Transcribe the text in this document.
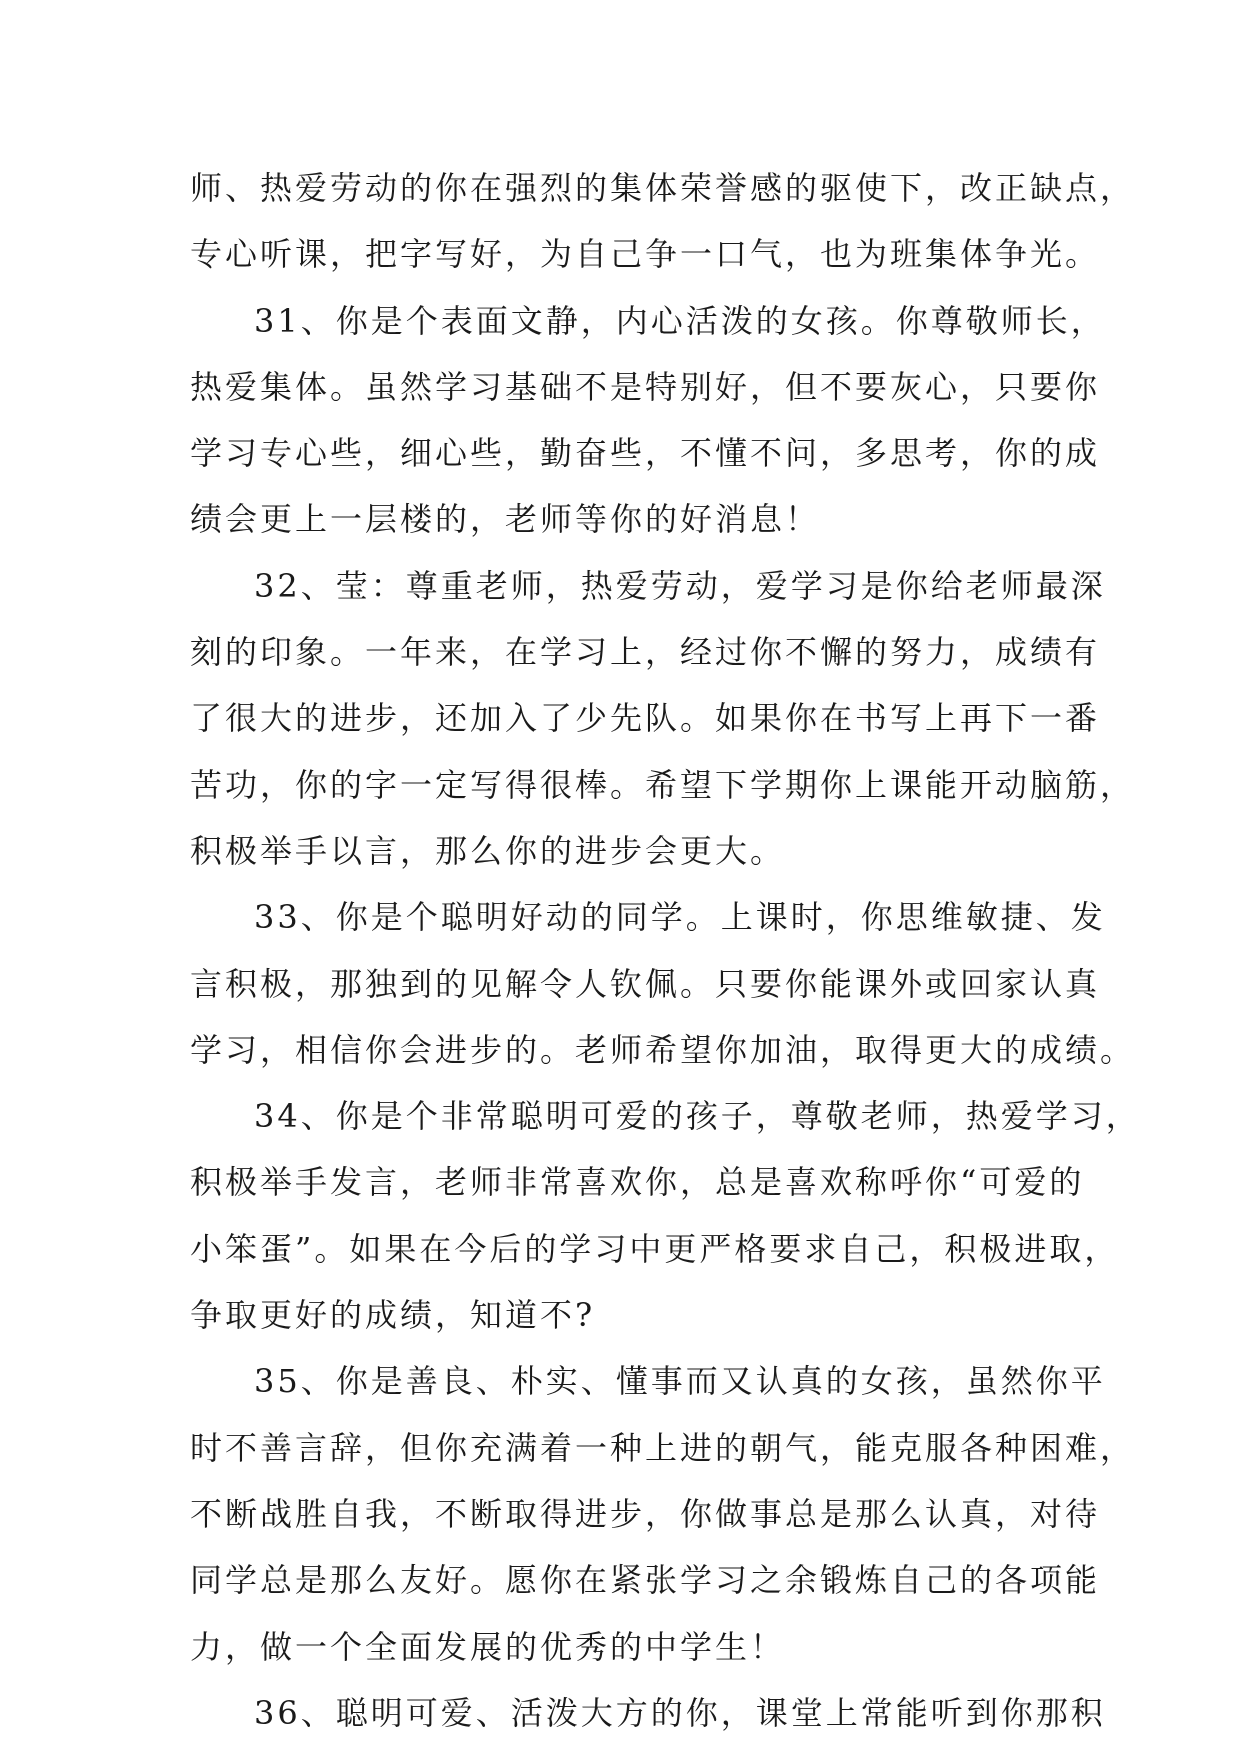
师、热爱劳动的你在强烈的集体荣誉感的驱使下，改正缺点，
专心听课，把字写好，为自己争一口气，也为班集体争光。
31、你是个表面文静，内心活泼的女孩。你尊敬师长，
热爱集体。虽然学习基础不是特别好，但不要灰心，只要你
学习专心些，细心些，勤奋些，不懂不问，多思考，你的成
绩会更上一层楼的，老师等你的好消息！
32、莹：尊重老师，热爱劳动，爱学习是你给老师最深
刻的印象。一年来，在学习上，经过你不懈的努力，成绩有
了很大的进步，还加入了少先队。如果你在书写上再下一番
苦功，你的字一定写得很棒。希望下学期你上课能开动脑筋，
积极举手以言，那么你的进步会更大。
33、你是个聪明好动的同学。上课时，你思维敏捷、发
言积极，那独到的见解令人钦佩。只要你能课外或回家认真
学习，相信你会进步的。老师希望你加油，取得更大的成绩。
34、你是个非常聪明可爱的孩子，尊敬老师，热爱学习，
积极举手发言，老师非常喜欢你，总是喜欢称呼你“可爱的
小笨蛋”。如果在今后的学习中更严格要求自己，积极进取，
争取更好的成绩，知道不?
35、你是善良、朴实、懂事而又认真的女孩，虽然你平
时不善言辞，但你充满着一种上进的朝气，能克服各种困难，
不断战胜自我，不断取得进步，你做事总是那么认真，对待
同学总是那么友好。愿你在紧张学习之余锻炼自己的各项能
力，做一个全面发展的优秀的中学生！
36、聪明可爱、活泼大方的你，课堂上常能听到你那积
